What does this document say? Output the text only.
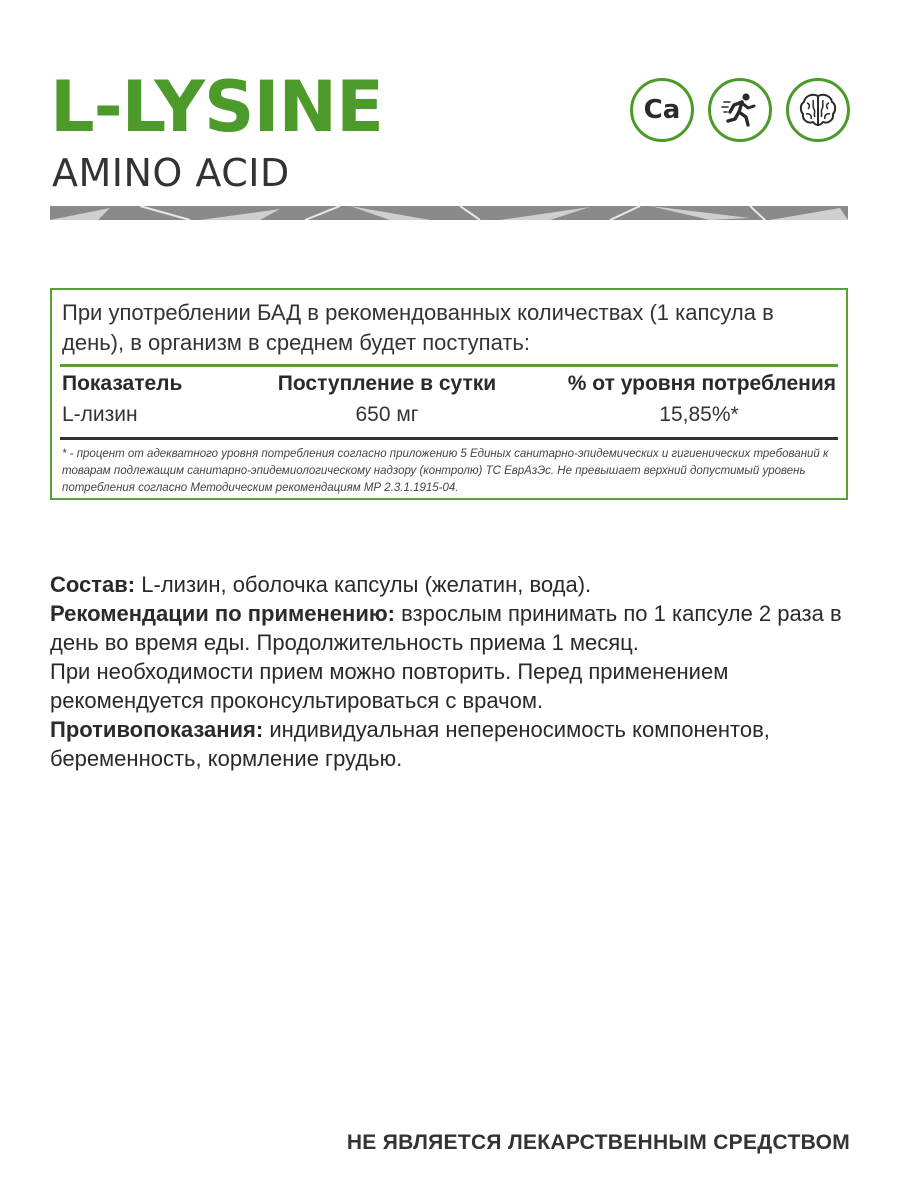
L-LYSINE
AMINO ACID
Ca

При употреблении БАД в рекомендованных количествах (1 капсула в день), в организм в среднем будет поступать:

Показатель	Поступление в сутки	% от уровня потребления
L-лизин	650 мг	15,85%*

* - процент от адекватного уровня потребления согласно приложению 5 Единых санитарно-эпидемических и гигиенических требований к товарам подлежащим санитарно-эпидемиологическому надзору (контролю) ТС ЕврАзЭс. Не превышает верхний допустимый уровень потребления согласно Методическим рекомендациям МР 2.3.1.1915-04.

Состав: L-лизин, оболочка капсулы (желатин, вода).

Рекомендации по применению: взрослым принимать по 1 капсуле 2 раза в день во время еды. Продолжительность приема 1 месяц.

При необходимости прием можно повторить. Перед применением рекомендуется проконсультироваться с врачом.

Противопоказания: индивидуальная непереносимость компонентов, беременность, кормление грудью.

НЕ ЯВЛЯЕТСЯ ЛЕКАРСТВЕННЫМ СРЕДСТВОМ
